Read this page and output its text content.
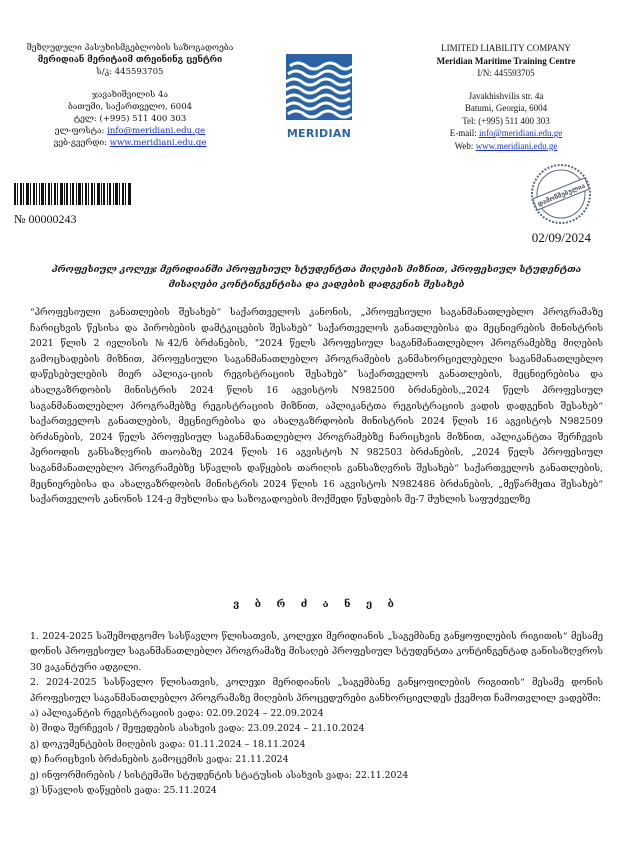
შეზღუდული პასუხისმგებლობის საზოგადოება
მერიდიან მერიტაიმ თრეინინგ ცენტრი
ს/კ: 445593705
ჯავახიშვილის 4ა
ბათუმი, საქართველო, 6004
ტელ: (+995) 511 400 303
ელ-ფოსტა: info@meridiani.edu.ge
ვებ-გვერდი: www.meridiani.edu.ge
MERIDIAN
LIMITED LIABILITY COMPANY
Meridian Maritime Training Centre
I/N: 445593705
Javakhishvilis str. 4a
Batumi, Georgia, 6004
Tel: (+995) 511 400 303
E-mail: info@meridiani.edu.ge
Web: www.meridiani.edu.ge
№ 00000243
დამოწმებულია
02/09/2024
პროფესიულ კოლეჯ მერიდიანში პროფესიულ სტუდენტთა მიღების მიზნით, პროფესიულ სტუდენტთა მისაღები კონტინგენტისა და ვადების დადგენის შესახებ
“პროფესიული განათლების შესახებ“ საქართველოს კანონის, „პროფესიული საგანმანათლებლო პროგრამაზე ჩარიცხვის წესისა და პირობების დამტკიცების შესახებ“ საქართველოს განათლებისა და მეცნიერების მინისტრის 2021 წლის 2 ივლისის №42/ნ ბრძანების, "2024 წელს პროფესიულ საგანმანათლებლო პროგრამებზე მიღების გამოცხადების მიზნით, პროფესიული საგანმანათლებლო პროგრამების განმახორციელებელი საგანმანათლებლო დაწესებულების მიერ აპლიკა-ციის რეგისტრაციის შესახებ" საქართველოს განათლების, მეცნიერებისა და ახალგაზრდობის მინისტრის 2024 წლის 16 აგვისტოს N982500 ბრძანების,„2024 წელს პროფესიულ საგანმანათლებლო პროგრამებზე რეგისტრაციის მიზნით, აპლიკანტთა რეგისტრაციის ვადის დადგენის შესახებ“ საქართველოს განათლების, მეცნიერებისა და ახალგაზრდობის მინისტრის 2024 წლის 16 აგვისტოს N982509 ბრძანების, 2024 წელს პროფესიულ საგანმანათლებლო პროგრამებზე ჩარიცხვის მიზნით, აპლიკანტთა შერჩევის პერიოდის განსაზღვრის თაობაზე 2024 წლის 16 აგვისტოს N 982503 ბრძანების, „2024 წელს პროფესიულ საგანმანათლებლო პროგრამებზე სწავლის დაწყების თარიღის განსაზღვრის შესახებ“ საქართველოს განათლების, მეცნიერებისა და ახალგაზრდობის მინისტრის 2024 წლის 16 აგვისტოს N982486 ბრძანების, „მეწარმეთა შესახებ“ საქართველოს კანონის 124-ე მუხლისა და საზოგადოების მოქმედი წესდების მე-7 მუხლის საფუძველზე
ვ ბ რ ძ ა ნ ე ბ

1. 2024-2025 საშემოდგომო სასწავლო წლისათვის, კოლეჯი მერიდიანის „საგემბანე განყოფილების რიგითის“ მესამე დონის პროფესიულ საგანმანათლებლო პროგრამაზე მისაღებ პროფესიულ სტუდენტთა კონტინგენტად განისაზღვროს 30 ვაკანტური ადგილი.

2. 2024-2025 სასწავლო წლისათვის, კოლეჯი მერიდიანის „საგემბანე განყოფილების რიგითის“ მესამე დონის პროფესიულ საგანმანათლებლო პროგრამაზე მიღების პროცედურები განხორციელდეს ქვემოთ ჩამოთვლილ ვადებში:

ა) აპლიკანტის რეგისტრაციის ვადა: 02.09.2024 – 22.09.2024

ბ) შიდა შერჩევის / შეფედების ასახვის ვადა: 23.09.2024 – 21.10.2024

გ) დოკუმენტების მიღების ვადა: 01.11.2024 – 18.11.2024

დ) ჩარიცხვის ბრძანების გამოცემის ვადა: 21.11.2024

ე) ინფორმირების / სისტემაში სტუდენტის სტატუსის ასახვის ვადა: 22.11.2024

ვ) სწავლის დაწყების ვადა: 25.11.2024
